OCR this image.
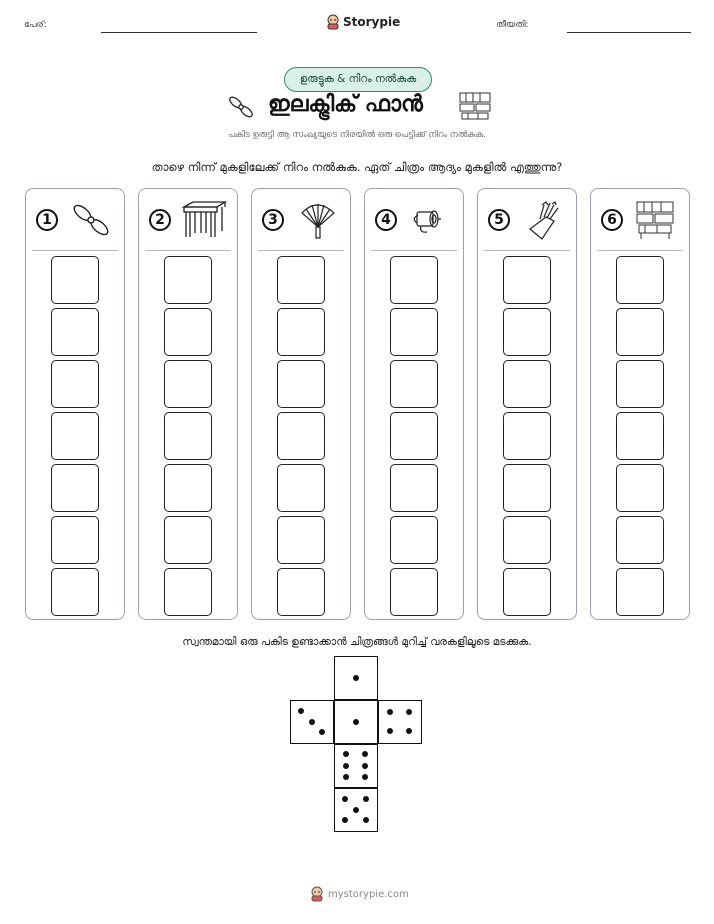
പേര്:	Storypie	തീയതി:
ഉരുട്ടുക & നിറം നൽകുക
ഇലക്ട്രിക് ഫാൻ
പകിട ഉരുട്ടി ആ സംഖ്യയുടെ നിരയിൽ ഒരു പെട്ടിക്ക് നിറം നൽകുക.
താഴെ നിന്ന് മുകളിലേക്ക് നിറം നൽകുക. ഏത് ചിത്രം ആദ്യം മുകളിൽ എത്തുന്നു?
1	2	3	4	5	6
സ്വന്തമായി ഒരു പകിട ഉണ്ടാക്കാൻ ചിത്രങ്ങൾ മുറിച്ച് വരകളിലൂടെ മടക്കുക.
mystorypie.com
